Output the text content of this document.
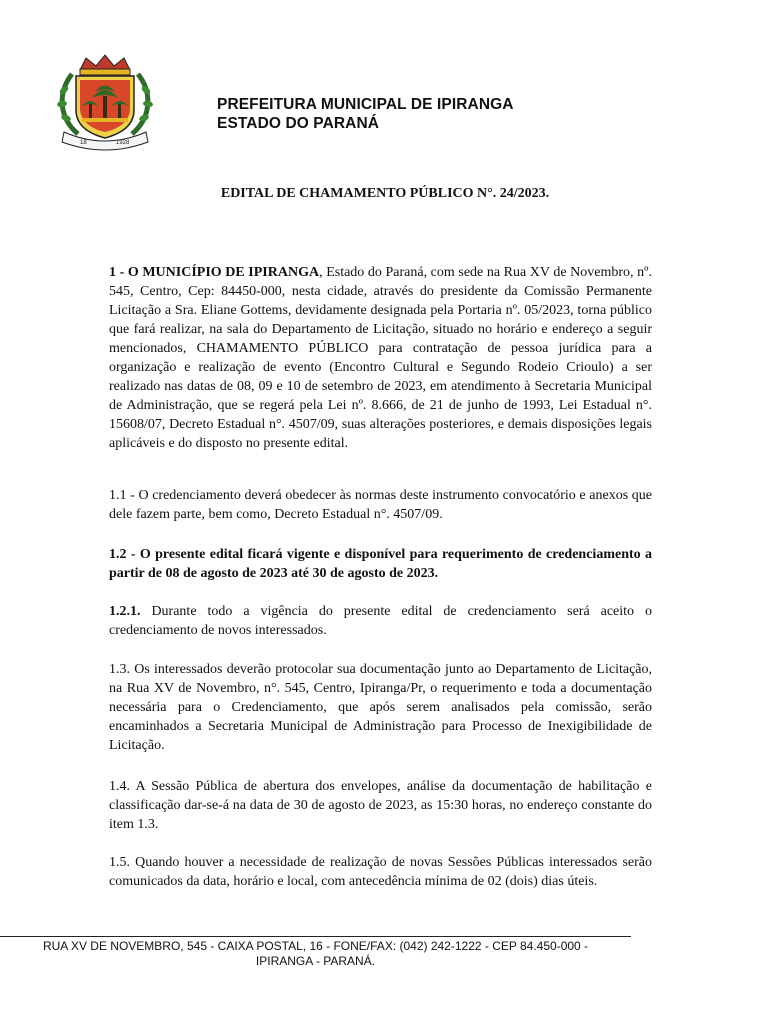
18	1928
PREFEITURA MUNICIPAL DE IPIRANGA
ESTADO DO PARANÁ
EDITAL DE CHAMAMENTO PÚBLICO N°. 24/2023.

1 - O MUNICÍPIO DE IPIRANGA, Estado do Paraná, com sede na Rua XV de Novembro, nº. 545, Centro, Cep: 84450-000, nesta cidade, através do presidente da Comissão Permanente Licitação a Sra. Eliane Gottems, devidamente designada pela Portaria nº. 05/2023, torna público que fará realizar, na sala do Departamento de Licitação, situado no horário e endereço a seguir mencionados, CHAMAMENTO PÚBLICO para contratação de pessoa jurídica para a organização e realização de evento (Encontro Cultural e Segundo Rodeio Crioulo) a ser realizado nas datas de 08, 09 e 10 de setembro de 2023, em atendimento à Secretaria Municipal de Administração, que se regerá pela Lei nº. 8.666, de 21 de junho de 1993, Lei Estadual n°. 15608/07, Decreto Estadual n°. 4507/09, suas alterações posteriores, e demais disposições legais aplicáveis e do disposto no presente edital.

1.1 - O credenciamento deverá obedecer às normas deste instrumento convocatório e anexos que dele fazem parte, bem como, Decreto Estadual n°. 4507/09.

1.2 - O presente edital ficará vigente e disponível para requerimento de credenciamento a partir de 08 de agosto de 2023 até 30 de agosto de 2023.

1.2.1. Durante todo a vigência do presente edital de credenciamento será aceito o credenciamento de novos interessados.

1.3. Os interessados deverão protocolar sua documentação junto ao Departamento de Licitação, na Rua XV de Novembro, n°. 545, Centro, Ipiranga/Pr, o requerimento e toda a documentação necessária para o Credenciamento, que após serem analisados pela comissão, serão encaminhados a Secretaria Municipal de Administração para Processo de Inexigibilidade de Licitação.

1.4. A Sessão Pública de abertura dos envelopes, análise da documentação de habilitação e classificação dar-se-á na data de 30 de agosto de 2023, as 15:30 horas, no endereço constante do item 1.3.

1.5. Quando houver a necessidade de realização de novas Sessões Públicas interessados serão comunicados da data, horário e local, com antecedência mínima de 02 (dois) dias úteis.

RUA XV DE NOVEMBRO, 545 - CAIXA POSTAL, 16 - FONE/FAX: (042) 242-1222 - CEP 84.450-000 -
IPIRANGA - PARANÁ.
